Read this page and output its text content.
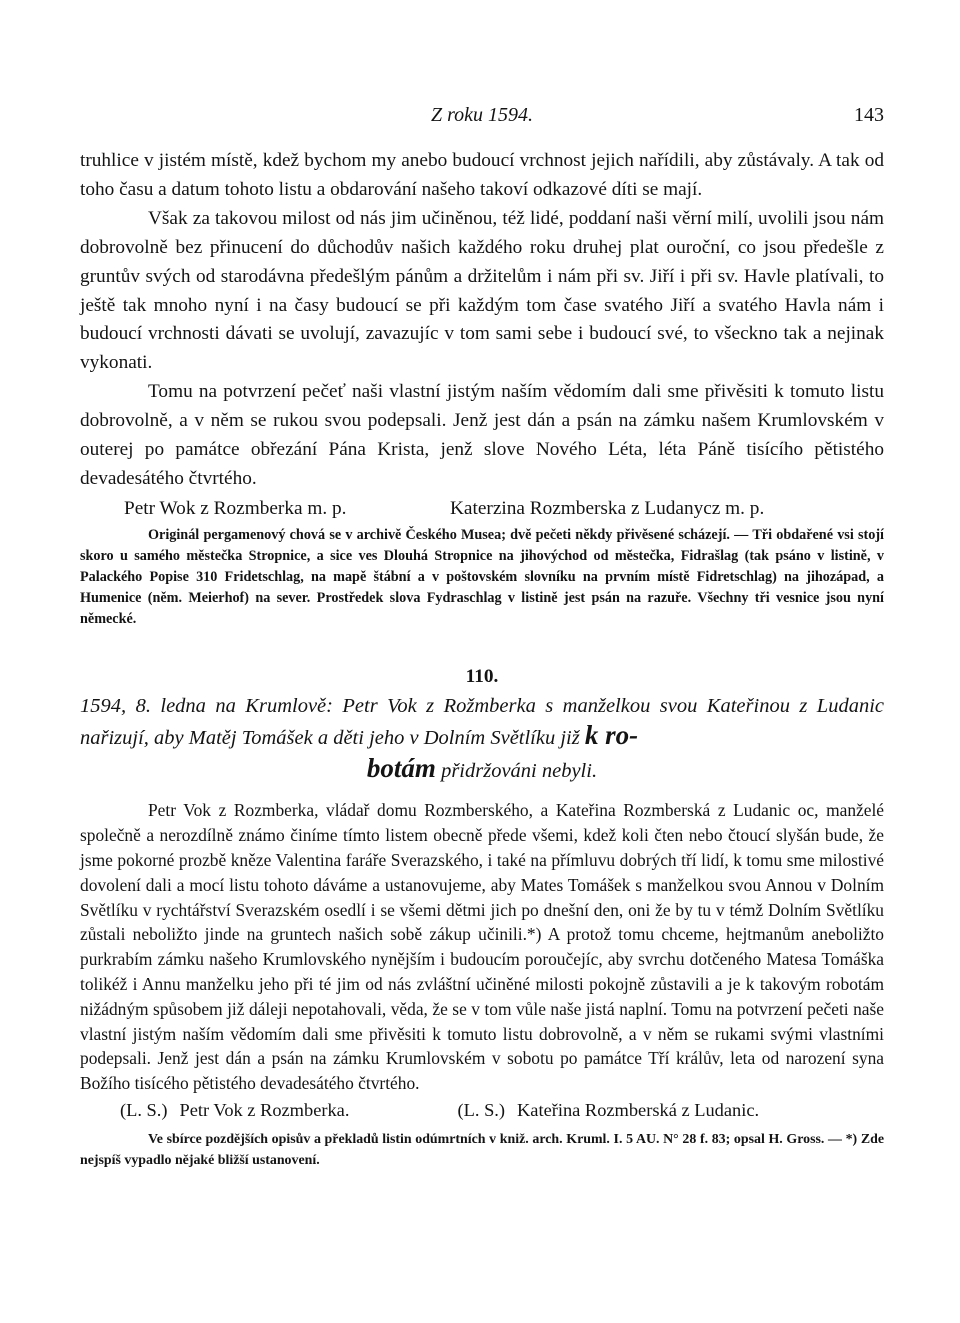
Z roku 1594.	143

truhlice v jistém místě, kdež bychom my anebo budoucí vrchnost jejich nařídili, aby zůstávaly. A tak od toho času a datum tohoto listu a obdarování našeho takoví odkazové díti se mají.

Však za takovou milost od nás jim učiněnou, též lidé, poddaní naši věrní milí, uvolili jsou nám dobrovolně bez přinucení do důchodův našich každého roku druhej plat ouroční, co jsou předešle z gruntův svých od starodávna předešlým pánům a držitelům i nám při sv. Jiří i při sv. Havle platívali, to ještě tak mnoho nyní i na časy budoucí se při každým tom čase svatého Jiří a svatého Havla nám i budoucí vrchnosti dávati se uvolují, zavazujíc v tom sami sebe i budoucí své, to všeckno tak a nejinak vykonati.

Tomu na potvrzení pečeť naši vlastní jistým naším vědomím dali sme přivěsiti k tomuto listu dobrovolně, a v něm se rukou svou podepsali. Jenž jest dán a psán na zámku našem Krumlovském v outerej po památce obřezání Pána Krista, jenž slove Nového Léta, léta Páně tisícího pětistého devadesátého čtvrtého.

Petr Wok z Rozmberka m. p.	Katerzina Rozmberska z Ludanycz m. p.

Originál pergamenový chová se v archivě Českého Musea; dvě pečeti někdy přivěsené scházejí. — Tři obdařené vsi stojí skoro u samého městečka Stropnice, a sice ves Dlouhá Stropnice na jihovýchod od městečka, Fidrašlag (tak psáno v listině, v Palackého Popise 310 Fridetschlag, na mapě štábní a v poštovském slovníku na prvním místě Fidretschlag) na jihozápad, a Humenice (něm. Meierhof) na sever. Prostředek slova Fydraschlag v listině jest psán na razuře. Všechny tři vesnice jsou nyní německé.

110.

1594, 8. ledna na Krumlově: Petr Vok z Rožmberka s manželkou svou Kateřinou z Ludanic nařizují, aby Matěj Tomášek a děti jeho v Dolním Světlíku již k ro-
botám přidržováni nebyli.

Petr Vok z Rozmberka, vládař domu Rozmberského, a Kateřina Rozmberská z Ludanic oc, manželé společně a nerozdílně známo činíme tímto listem obecně přede všemi, kdež koli čten nebo čtoucí slyšán bude, že jsme pokorné prozbě kněze Valentina faráře Sverazského, i také na přímluvu dobrých tří lidí, k tomu sme milostivé dovolení dali a mocí listu tohoto dáváme a ustanovujeme, aby Mates Tomášek s manželkou svou Annou v Dolním Světlíku v rychtářství Sverazském osedlí i se všemi dětmi jich po dnešní den, oni že by tu v témž Dolním Světlíku zůstali neboližto jinde na gruntech našich sobě zákup učinili.*) A protož tomu chceme, hejtmanům aneboližto purkrabím zámku našeho Krumlovského nynějším i budoucím poroučejíc, aby svrchu dotčeného Matesa Tomáška tolikéž i Annu manželku jeho při té jim od nás zvláštní učiněné milosti pokojně zůstavili a je k takovým robotám nižádným spůsobem již dáleji nepotahovali, věda, že se v tom vůle naše jistá naplní. Tomu na potvrzení pečeti naše vlastní jistým naším vědomím dali sme přivěsiti k tomuto listu dobrovolně, a v něm se rukami svými vlastními podepsali. Jenž jest dán a psán na zámku Krumlovském v sobotu po památce Tří králův, leta od narození syna Božího tisícého pětistého devadesátého čtvrtého.

(L. S.) Petr Vok z Rozmberka.	(L. S.) Kateřina Rozmberská z Ludanic.

Ve sbírce pozdějších opisův a překladů listin odúmrtních v kniž. arch. Kruml. I. 5 AU. N° 28 f. 83; opsal H. Gross. — *) Zde nejspíš vypadlo nějaké bližší ustanovení.
